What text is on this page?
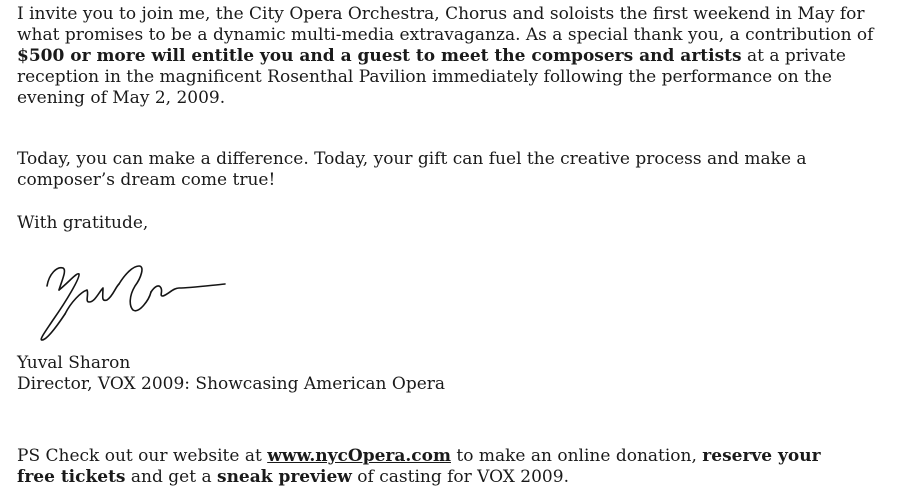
I invite you to join me, the City Opera Orchestra, Chorus and soloists the first weekend in May for
what promises to be a dynamic multi-media extravaganza. As a special thank you, a contribution of
$500 or more will entitle you and a guest to meet the composers and artists at a private
reception in the magnificent Rosenthal Pavilion immediately following the performance on the
evening of May 2, 2009.
Today, you can make a difference. Today, your gift can fuel the creative process and make a
composer’s dream come true!
With gratitude,
Yuval Sharon
Director, VOX 2009: Showcasing American Opera
PS Check out our website at www.nycOpera.com to make an online donation, reserve your
free tickets and get a sneak preview of casting for VOX 2009.
